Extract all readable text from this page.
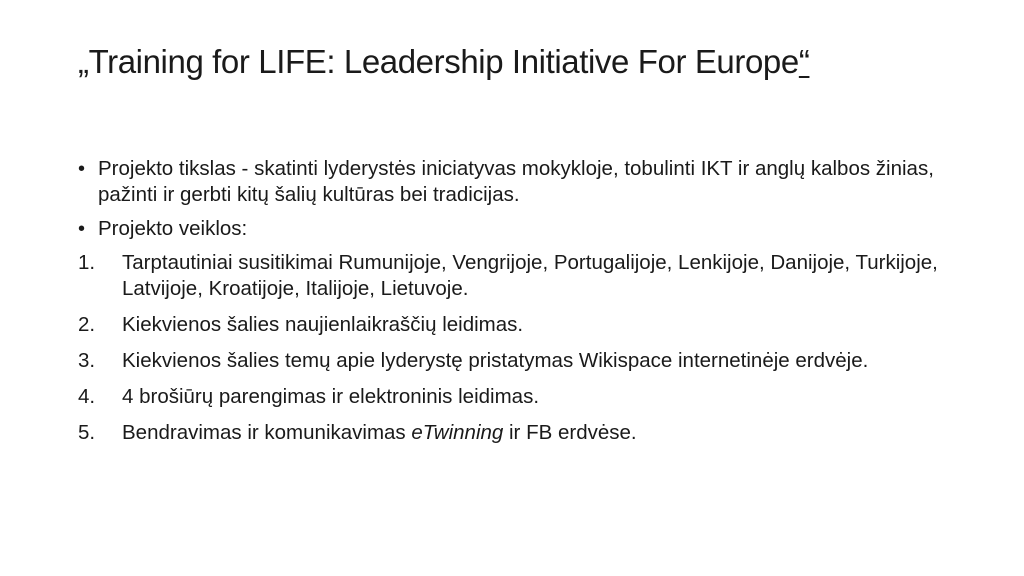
„Training for LIFE: Leadership Initiative For Europe“
• Projekto tikslas - skatinti lyderystės iniciatyvas mokykloje, tobulinti IKT ir anglų kalbos žinias, pažinti ir gerbti kitų šalių kultūras bei tradicijas.
• Projekto veiklos:
1.	Tarptautiniai susitikimai Rumunijoje, Vengrijoje, Portugalijoje, Lenkijoje, Danijoje, Turkijoje, Latvijoje, Kroatijoje, Italijoje, Lietuvoje.
2.	Kiekvienos šalies naujienlaikraščių leidimas.
3.	Kiekvienos šalies temų apie lyderystę pristatymas Wikispace internetinėje erdvėje.
4.	4 brošiūrų parengimas ir elektroninis leidimas.
5.	Bendravimas ir komunikavimas eTwinning ir FB erdvėse.
